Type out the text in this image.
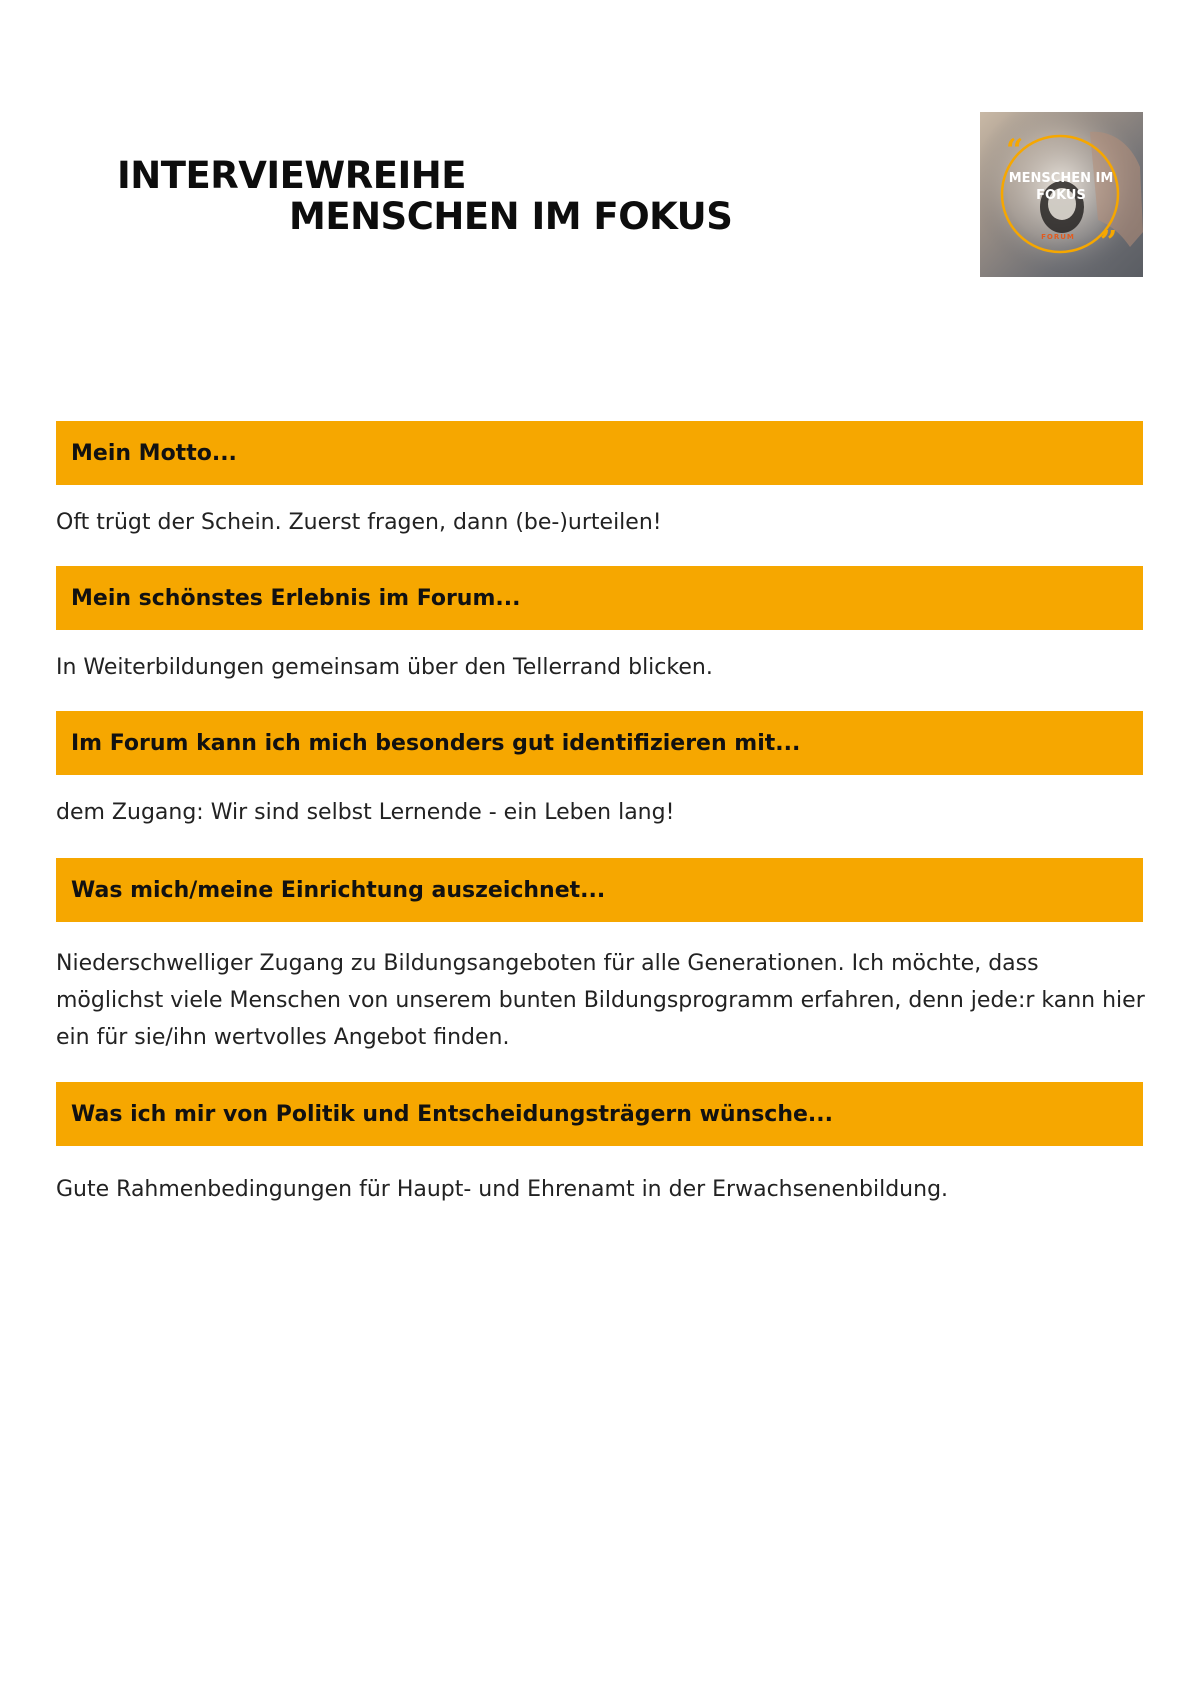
INTERVIEWREIHE
MENSCHEN IM FOKUS
“
”
MENSCHEN IM
FOKUS
FORUM
Mein Motto...

Oft trügt der Schein. Zuerst fragen, dann (be-)urteilen!

Mein schönstes Erlebnis im Forum...

In Weiterbildungen gemeinsam über den Tellerrand blicken.

Im Forum kann ich mich besonders gut identifizieren mit...

dem Zugang: Wir sind selbst Lernende - ein Leben lang!

Was mich/meine Einrichtung auszeichnet...

Niederschwelliger Zugang zu Bildungsangeboten für alle Generationen. Ich möchte, dass möglichst viele Menschen von unserem bunten Bildungsprogramm erfahren, denn jede:r kann hier ein für sie/ihn wertvolles Angebot finden.

Was ich mir von Politik und Entscheidungsträgern wünsche...

Gute Rahmenbedingungen für Haupt- und Ehrenamt in der Erwachsenenbildung.
